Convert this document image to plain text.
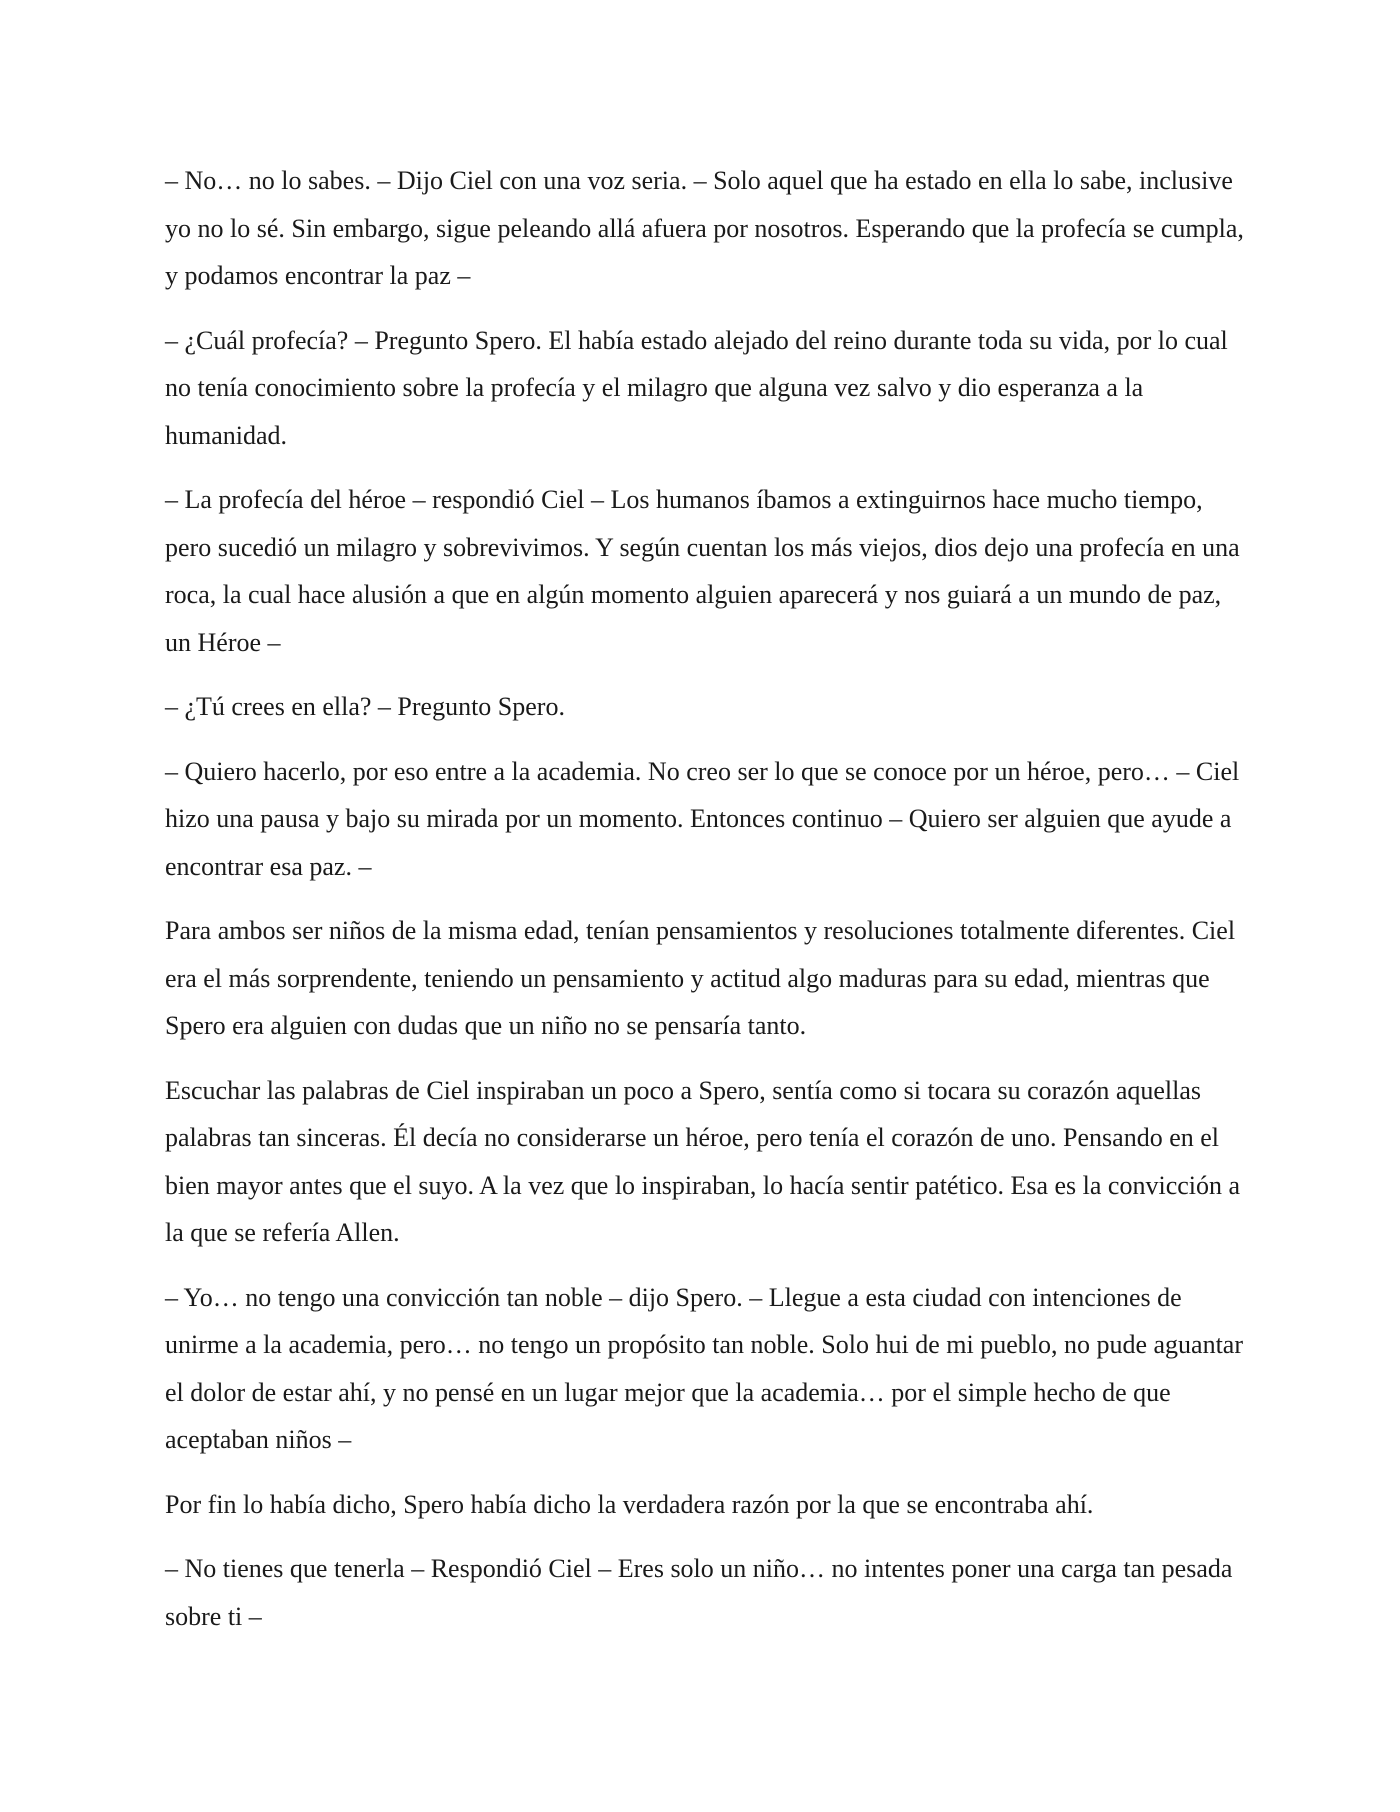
– No… no lo sabes. – Dijo Ciel con una voz seria. – Solo aquel que ha estado en ella lo sabe, inclusive yo no lo sé. Sin embargo, sigue peleando allá afuera por nosotros. Esperando que la profecía se cumpla, y podamos encontrar la paz –

– ¿Cuál profecía? – Pregunto Spero. El había estado alejado del reino durante toda su vida, por lo cual no tenía conocimiento sobre la profecía y el milagro que alguna vez salvo y dio esperanza a la humanidad.

– La profecía del héroe – respondió Ciel – Los humanos íbamos a extinguirnos hace mucho tiempo, pero sucedió un milagro y sobrevivimos. Y según cuentan los más viejos, dios dejo una profecía en una roca, la cual hace alusión a que en algún momento alguien aparecerá y nos guiará a un mundo de paz, un Héroe –

– ¿Tú crees en ella? – Pregunto Spero.

– Quiero hacerlo, por eso entre a la academia. No creo ser lo que se conoce por un héroe, pero… – Ciel hizo una pausa y bajo su mirada por un momento. Entonces continuo – Quiero ser alguien que ayude a encontrar esa paz. –

Para ambos ser niños de la misma edad, tenían pensamientos y resoluciones totalmente diferentes. Ciel era el más sorprendente, teniendo un pensamiento y actitud algo maduras para su edad, mientras que Spero era alguien con dudas que un niño no se pensaría tanto.

Escuchar las palabras de Ciel inspiraban un poco a Spero, sentía como si tocara su corazón aquellas palabras tan sinceras. Él decía no considerarse un héroe, pero tenía el corazón de uno. Pensando en el bien mayor antes que el suyo. A la vez que lo inspiraban, lo hacía sentir patético. Esa es la convicción a la que se refería Allen.

– Yo… no tengo una convicción tan noble – dijo Spero. – Llegue a esta ciudad con intenciones de unirme a la academia, pero… no tengo un propósito tan noble. Solo hui de mi pueblo, no pude aguantar el dolor de estar ahí, y no pensé en un lugar mejor que la academia… por el simple hecho de que aceptaban niños –

Por fin lo había dicho, Spero había dicho la verdadera razón por la que se encontraba ahí.

– No tienes que tenerla – Respondió Ciel – Eres solo un niño… no intentes poner una carga tan pesada sobre ti –
